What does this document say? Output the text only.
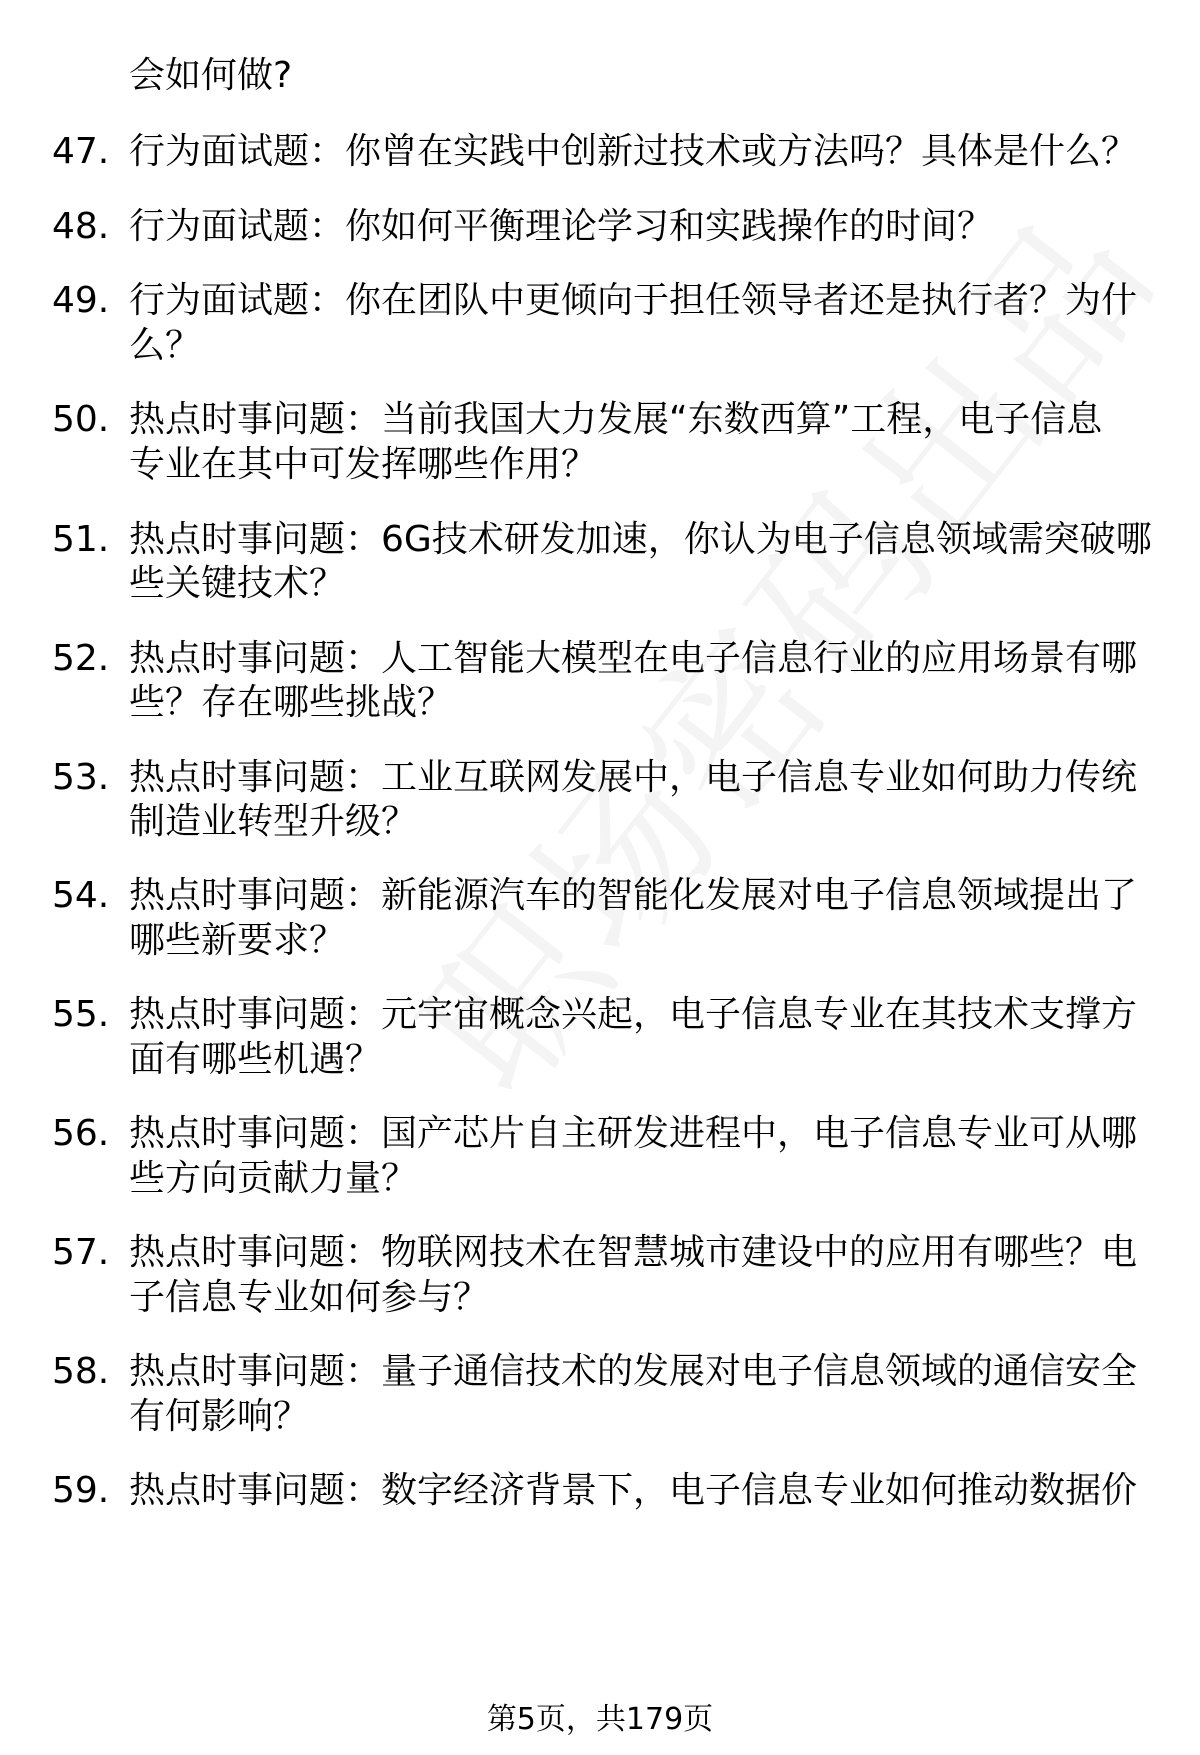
会如何做?
47. 行为面试题：你曾在实践中创新过技术或方法吗？具体是什么？
48. 行为面试题：你如何平衡理论学习和实践操作的时间？
49. 行为面试题：你在团队中更倾向于担任领导者还是执行者？为什
么？
50. 热点时事问题：当前我国大力发展“东数西算”工程，电子信息
专业在其中可发挥哪些作用？
51. 热点时事问题：6G技术研发加速，你认为电子信息领域需突破哪
些关键技术？
52. 热点时事问题：人工智能大模型在电子信息行业的应用场景有哪
些？存在哪些挑战？
53. 热点时事问题：工业互联网发展中，电子信息专业如何助力传统
制造业转型升级？
54. 热点时事问题：新能源汽车的智能化发展对电子信息领域提出了
哪些新要求？
55. 热点时事问题：元宇宙概念兴起，电子信息专业在其技术支撑方
面有哪些机遇？
56. 热点时事问题：国产芯片自主研发进程中，电子信息专业可从哪
些方向贡献力量？
57. 热点时事问题：物联网技术在智慧城市建设中的应用有哪些？电
子信息专业如何参与？
58. 热点时事问题：量子通信技术的发展对电子信息领域的通信安全
有何影响？
59. 热点时事问题：数字经济背景下，电子信息专业如何推动数据价
第5页，共179页
